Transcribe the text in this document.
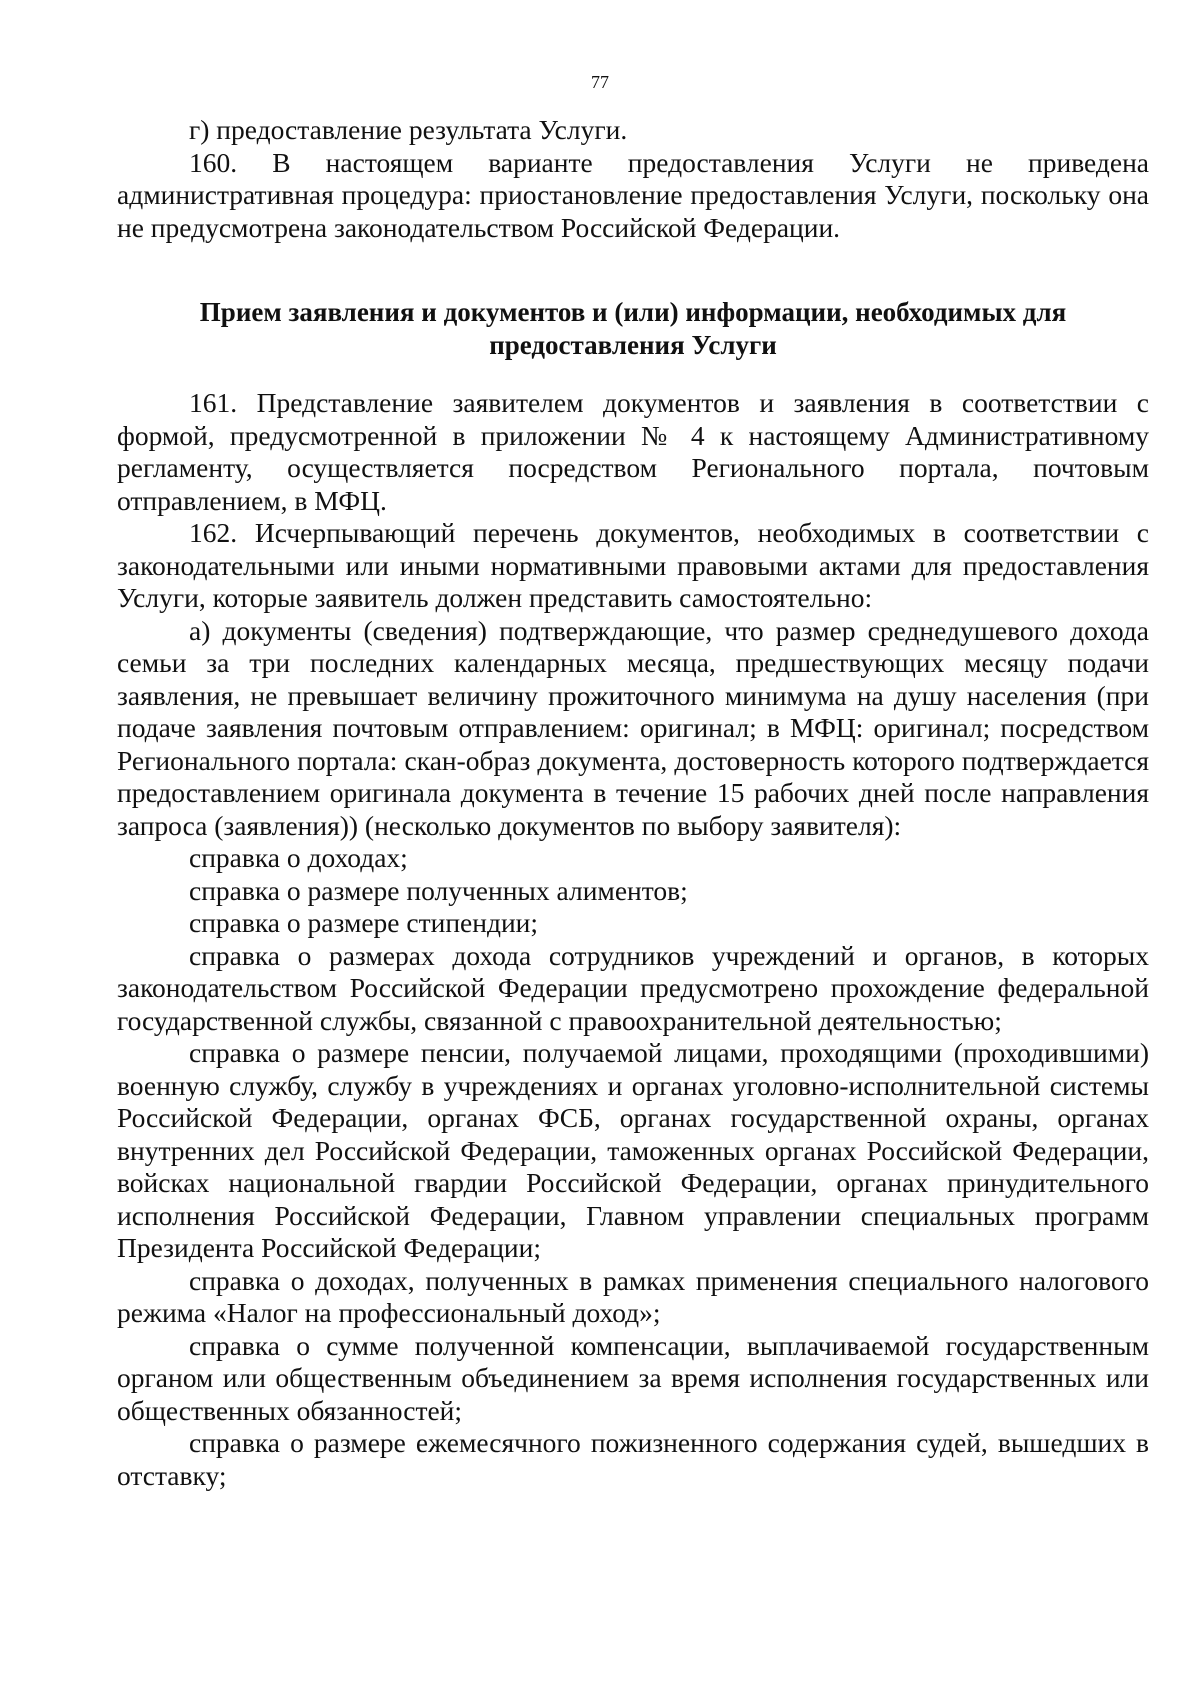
77

г) предоставление результата Услуги.

160. В настоящем варианте предоставления Услуги не приведена административная процедура: приостановление предоставления Услуги, поскольку она не предусмотрена законодательством Российской Федерации.

Прием заявления и документов и (или) информации, необходимых для

предоставления Услуги

161. Представление заявителем документов и заявления в соответствии с формой, предусмотренной в приложении № 4 к настоящему Административному регламенту, осуществляется посредством Регионального портала, почтовым отправлением, в МФЦ.

162. Исчерпывающий перечень документов, необходимых в соответствии с законодательными или иными нормативными правовыми актами для предоставления Услуги, которые заявитель должен представить самостоятельно:

а) документы (сведения) подтверждающие, что размер среднедушевого дохода семьи за три последних календарных месяца, предшествующих месяцу подачи заявления, не превышает величину прожиточного минимума на душу населения (при подаче заявления почтовым отправлением: оригинал; в МФЦ: оригинал; посредством Регионального портала: скан-образ документа, достоверность которого подтверждается предоставлением оригинала документа в течение 15 рабочих дней после направления запроса (заявления)) (несколько документов по выбору заявителя):

справка о доходах;

справка о размере полученных алиментов;

справка о размере стипендии;

справка о размерах дохода сотрудников учреждений и органов, в которых законодательством Российской Федерации предусмотрено прохождение федеральной государственной службы, связанной с правоохранительной деятельностью;

справка о размере пенсии, получаемой лицами, проходящими (проходившими) военную службу, службу в учреждениях и органах уголовно-исполнительной системы Российской Федерации, органах ФСБ, органах государственной охраны, органах внутренних дел Российской Федерации, таможенных органах Российской Федерации, войсках национальной гвардии Российской Федерации, органах принудительного исполнения Российской Федерации, Главном управлении специальных программ Президента Российской Федерации;

справка о доходах, полученных в рамках применения специального налогового режима «Налог на профессиональный доход»;

справка о сумме полученной компенсации, выплачиваемой государственным органом или общественным объединением за время исполнения государственных или общественных обязанностей;

справка о размере ежемесячного пожизненного содержания судей, вышедших в отставку;
